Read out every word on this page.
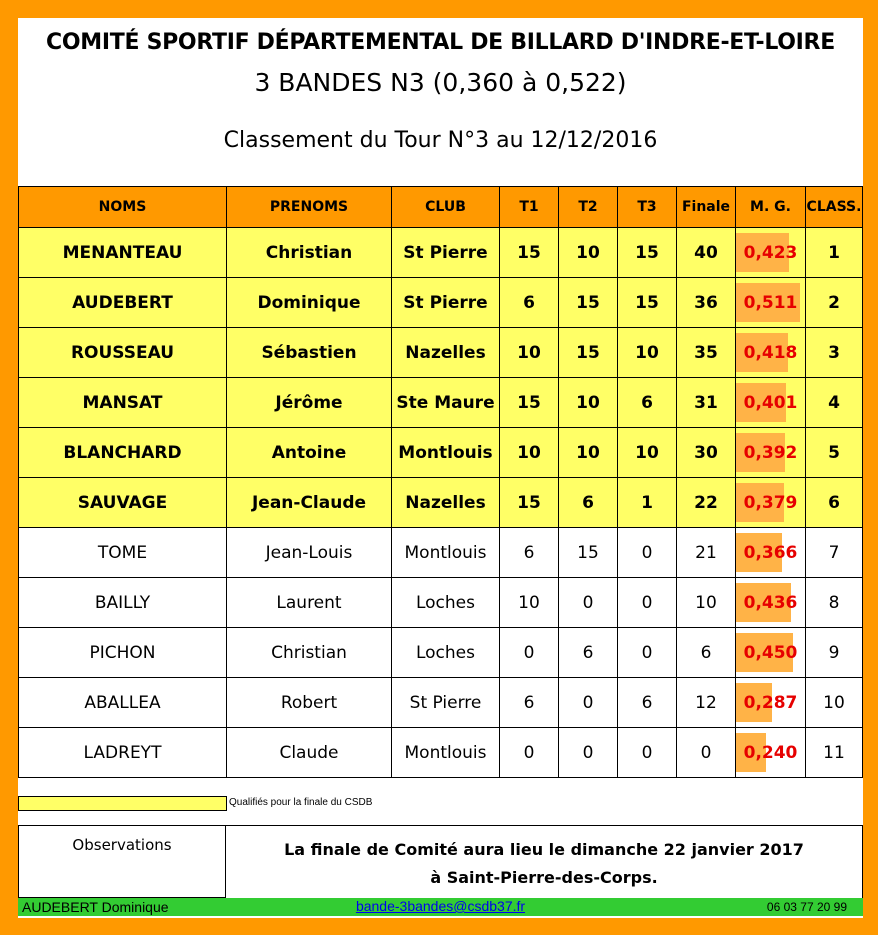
COMITÉ SPORTIF DÉPARTEMENTAL DE BILLARD D'INDRE-ET-LOIRE
3 BANDES N3 (0,360 à 0,522)
Classement du Tour N°3 au 12/12/2016
NOMS	PRENOMS	CLUB	T1	T2	T3	Finale	M. G.	CLASS.
MENANTEAU	Christian	St Pierre	15	10	15	40	0,423	1
AUDEBERT	Dominique	St Pierre	6	15	15	36	0,511	2
ROUSSEAU	Sébastien	Nazelles	10	15	10	35	0,418	3
MANSAT	Jérôme	Ste Maure	15	10	6	31	0,401	4
BLANCHARD	Antoine	Montlouis	10	10	10	30	0,392	5
SAUVAGE	Jean-Claude	Nazelles	15	6	1	22	0,379	6
TOME	Jean-Louis	Montlouis	6	15	0	21	0,366	7
BAILLY	Laurent	Loches	10	0	0	10	0,436	8
PICHON	Christian	Loches	0	6	0	6	0,450	9
ABALLEA	Robert	St Pierre	6	0	6	12	0,287	10
LADREYT	Claude	Montlouis	0	0	0	0	0,240	11
Qualifiés pour la finale du CSDB
Observations	La finale de Comité aura lieu le dimanche 22 janvier 2017
à Saint-Pierre-des-Corps.
AUDEBERT Dominique	bande-3bandes@csdb37.fr	06 03 77 20 99
